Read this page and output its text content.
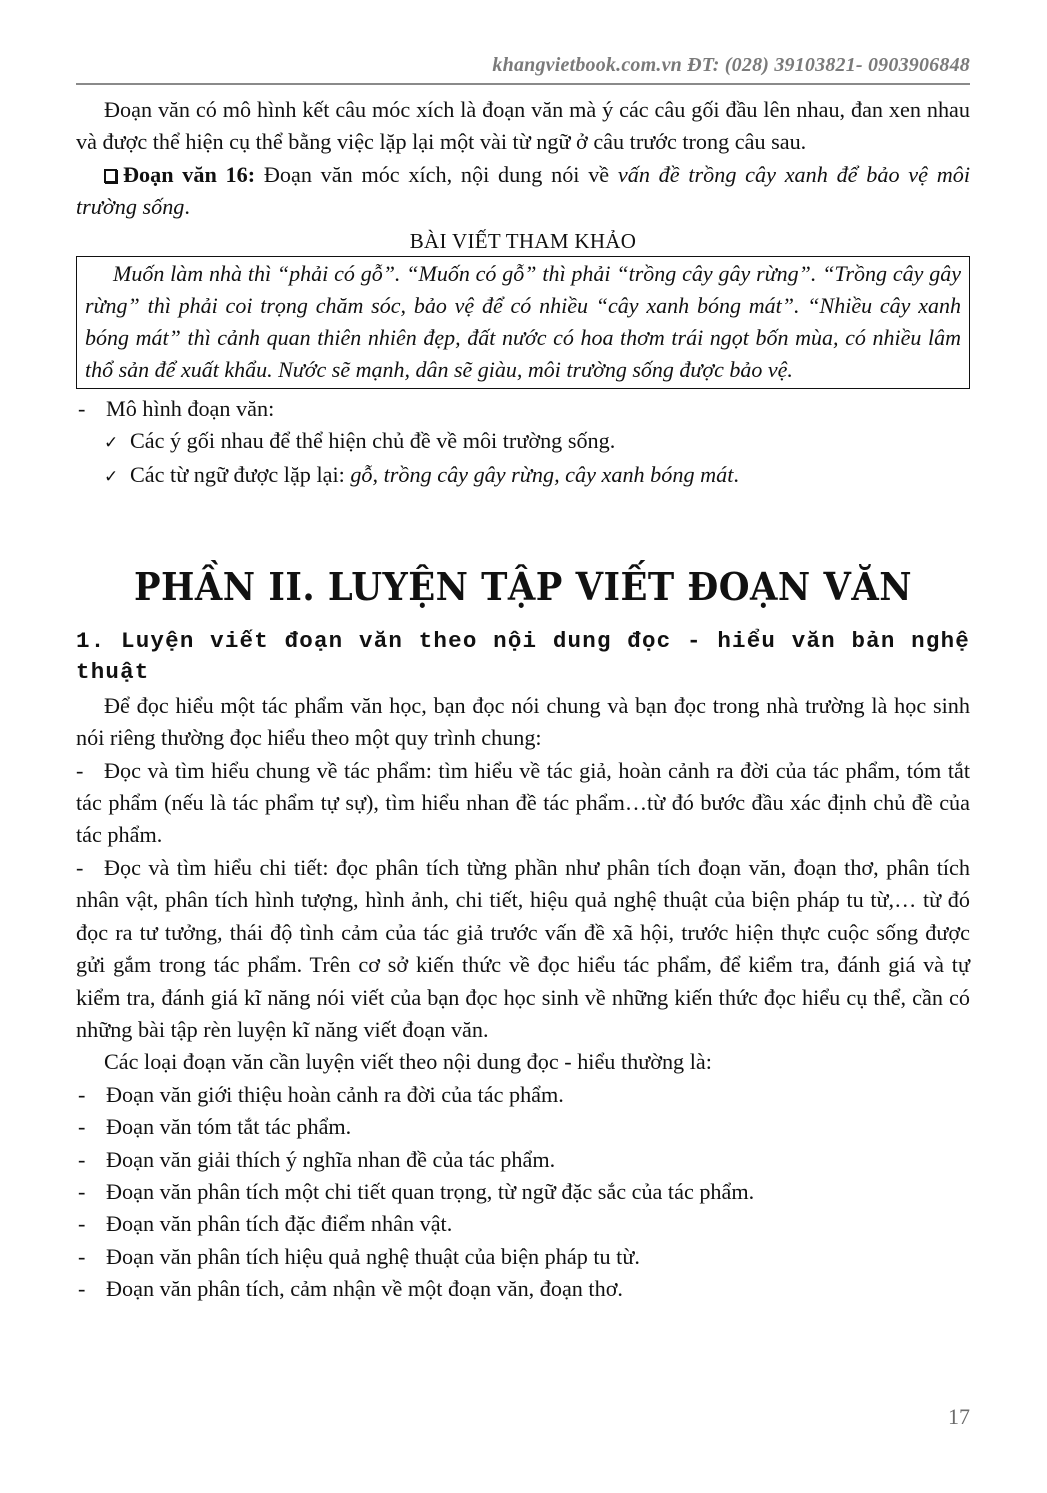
khangvietbook.com.vn ĐT: (028) 39103821- 0903906848

Đoạn văn có mô hình kết câu móc xích là đoạn văn mà ý các câu gối đầu lên nhau, đan xen nhau và được thể hiện cụ thể bằng việc lặp lại một vài từ ngữ ở câu trước trong câu sau.

Đoạn văn 16: Đoạn văn móc xích, nội dung nói về vấn đề trồng cây xanh để bảo vệ môi trường sống.

BÀI VIẾT THAM KHẢO

Muốn làm nhà thì “phải có gỗ”. “Muốn có gỗ” thì phải “trồng cây gây rừng”. “Trồng cây gây rừng” thì phải coi trọng chăm sóc, bảo vệ để có nhiều “cây xanh bóng mát”. “Nhiều cây xanh bóng mát” thì cảnh quan thiên nhiên đẹp, đất nước có hoa thơm trái ngọt bốn mùa, có nhiều lâm thổ sản để xuất khẩu. Nước sẽ mạnh, dân sẽ giàu, môi trường sống được bảo vệ.

- Mô hình đoạn văn:
✓ Các ý gối nhau để thể hiện chủ đề về môi trường sống.
✓ Các từ ngữ được lặp lại: gỗ, trồng cây gây rừng, cây xanh bóng mát.
PHẦN II. LUYỆN TẬP VIẾT ĐOẠN VĂN
1. Luyện viết đoạn văn theo nội dung đọc - hiểu văn bản nghệ thuật

Để đọc hiểu một tác phẩm văn học, bạn đọc nói chung và bạn đọc trong nhà trường là học sinh nói riêng thường đọc hiểu theo một quy trình chung:

- Đọc và tìm hiểu chung về tác phẩm: tìm hiểu về tác giả, hoàn cảnh ra đời của tác phẩm, tóm tắt tác phẩm (nếu là tác phẩm tự sự), tìm hiểu nhan đề tác phẩm…từ đó bước đầu xác định chủ đề của tác phẩm.

- Đọc và tìm hiểu chi tiết: đọc phân tích từng phần như phân tích đoạn văn, đoạn thơ, phân tích nhân vật, phân tích hình tượng, hình ảnh, chi tiết, hiệu quả nghệ thuật của biện pháp tu từ,… từ đó đọc ra tư tưởng, thái độ tình cảm của tác giả trước vấn đề xã hội, trước hiện thực cuộc sống được gửi gắm trong tác phẩm. Trên cơ sở kiến thức về đọc hiểu tác phẩm, để kiểm tra, đánh giá và tự kiểm tra, đánh giá kĩ năng nói viết của bạn đọc học sinh về những kiến thức đọc hiểu cụ thể, cần có những bài tập rèn luyện kĩ năng viết đoạn văn.

Các loại đoạn văn cần luyện viết theo nội dung đọc - hiểu thường là:

- Đoạn văn giới thiệu hoàn cảnh ra đời của tác phẩm.
- Đoạn văn tóm tắt tác phẩm.
- Đoạn văn giải thích ý nghĩa nhan đề của tác phẩm.
- Đoạn văn phân tích một chi tiết quan trọng, từ ngữ đặc sắc của tác phẩm.
- Đoạn văn phân tích đặc điểm nhân vật.
- Đoạn văn phân tích hiệu quả nghệ thuật của biện pháp tu từ.
- Đoạn văn phân tích, cảm nhận về một đoạn văn, đoạn thơ.
17
